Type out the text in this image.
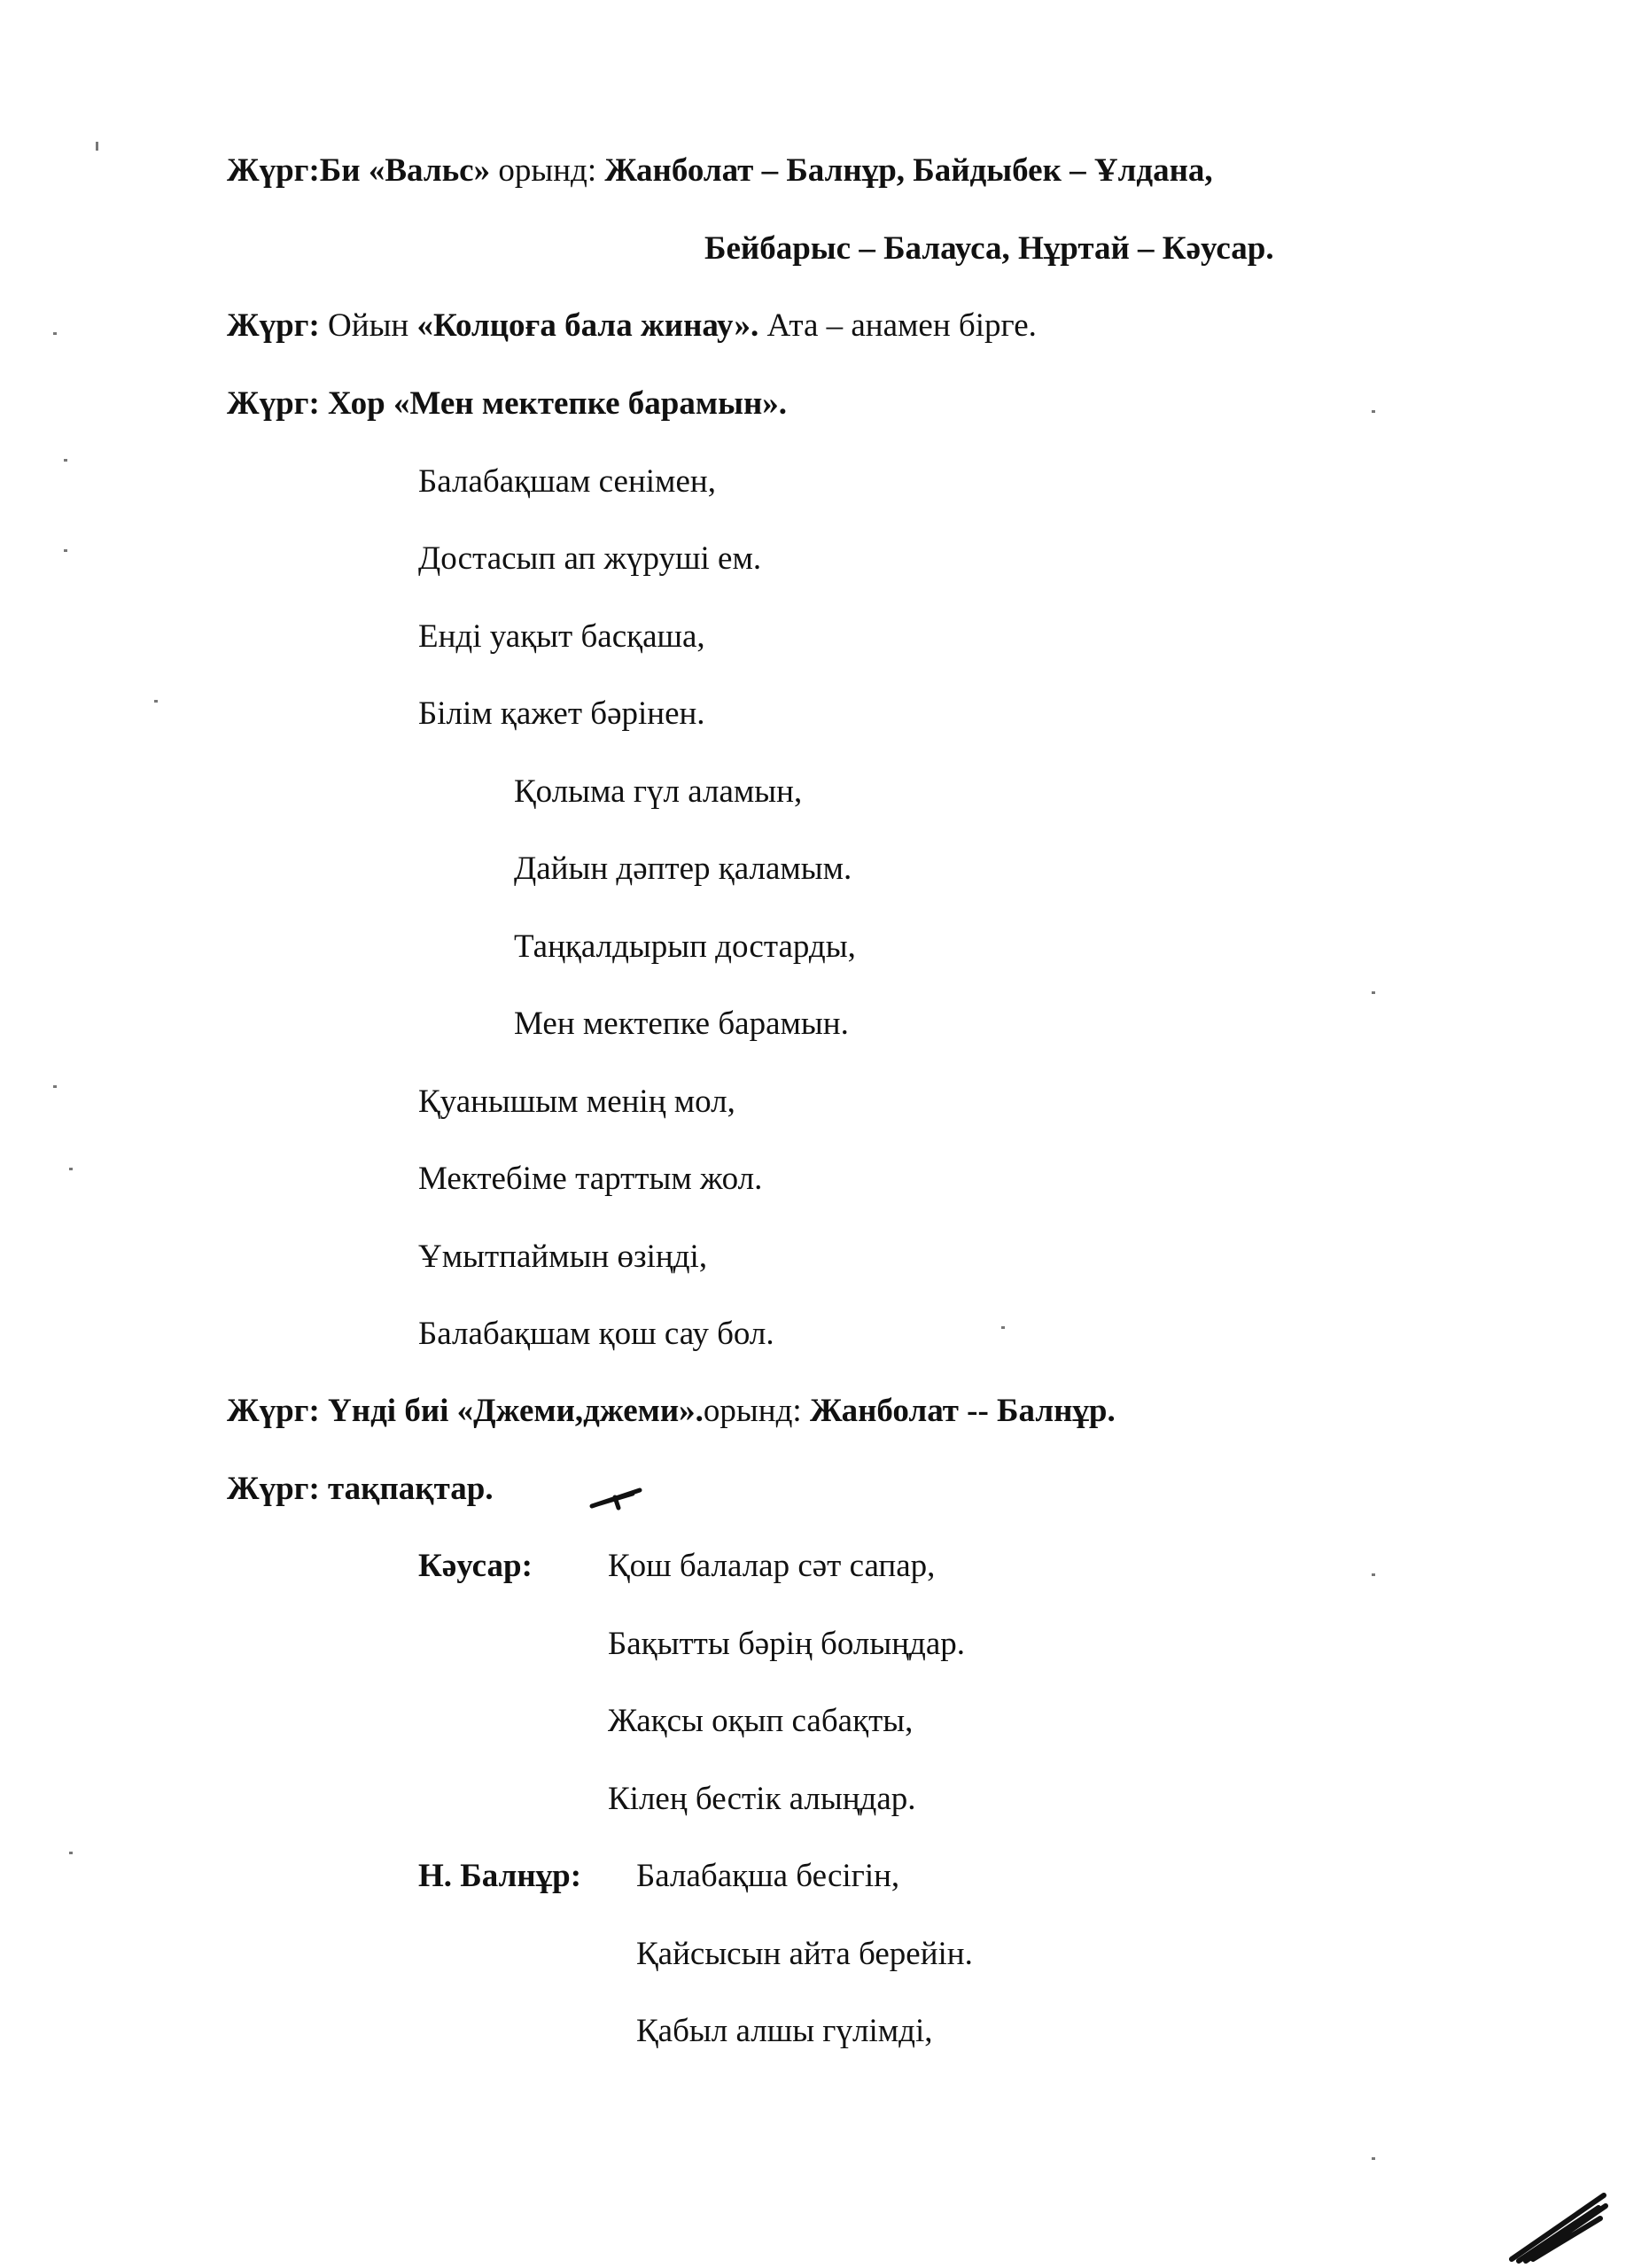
Жүрг:Би «Вальс» орынд: Жанболат – Балнұр, Байдыбек – Ұлдана,
Бейбарыс – Балауса, Нұртай – Кәусар.
Жүрг: Ойын «Колцоға бала жинау». Ата – анамен бірге.
Жүрг: Хор «Мен мектепке барамын».
Балабақшам сенімен,
Достасып ап жүруші ем.
Енді уақыт басқаша,
Білім қажет бәрінен.
Қолыма гүл аламын,
Дайын дәптер қаламым.
Таңқалдырып достарды,
Мен мектепке барамын.
Қуанышым менің мол,
Мектебіме тарттым жол.
Ұмытпаймын өзіңді,
Балабақшам қош сау бол.
Жүрг: Үнді биі «Джеми,джеми».орынд: Жанболат -- Балнұр.
Жүрг: тақпақтар.
Кәусар: Қош балалар сәт сапар,
Бақытты бәрің болыңдар.
Жақсы оқып сабақты,
Кілең бестік алыңдар.
Н. Балнұр: Балабақша бесігін,
Қайсысын айта берейін.
Қабыл алшы гүлімді,
